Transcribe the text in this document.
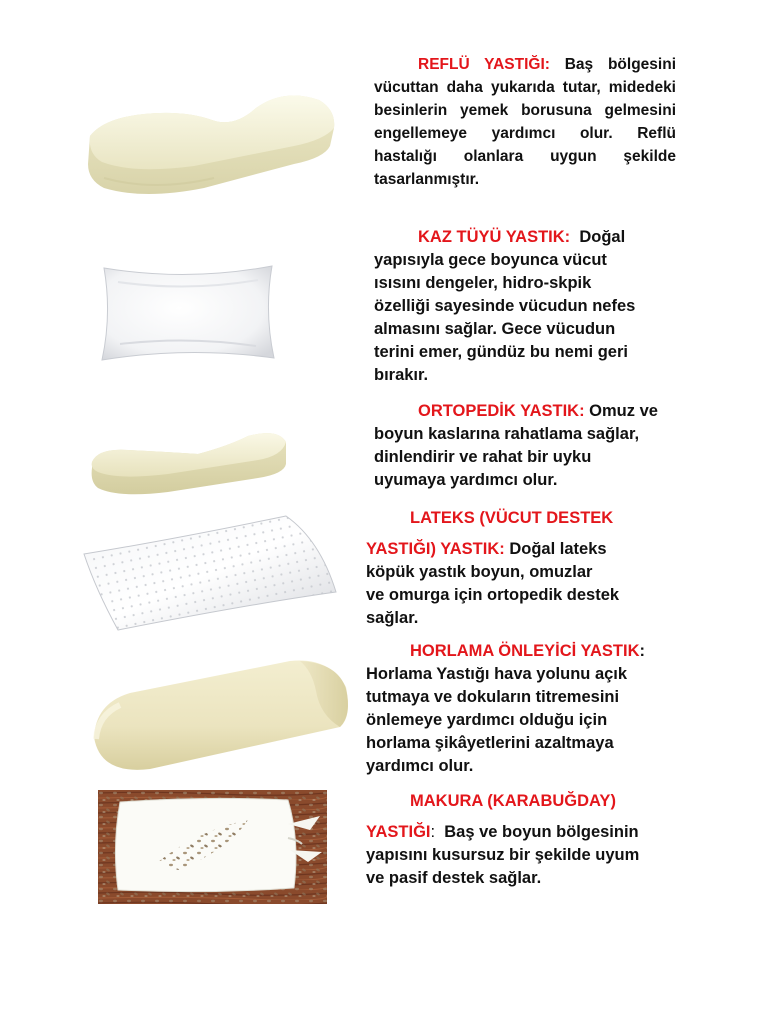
REFLÜ YASTIĞI: Baş bölgesini vücuttan daha yukarıda tutar, midedeki besinlerin yemek borusuna gelmesini engellemeye yardımcı olur. Reflü hastalığı olanlara uygun şekilde tasarlanmıştır.
KAZ TÜYÜ YASTIK: Doğal
yapısıyla gece boyunca vücut
ısısını dengeler, hidro-skpik
özelliği sayesinde vücudun nefes
almasını sağlar. Gece vücudun
terini emer, gündüz bu nemi geri
bırakır.
ORTOPEDİK YASTIK: Omuz ve
boyun kaslarına rahatlama sağlar,
dinlendirir ve rahat bir uyku
uyumaya yardımcı olur.
LATEKS (VÜCUT DESTEK
YASTIĞI) YASTIK: Doğal lateks
köpük yastık boyun, omuzlar
ve omurga için ortopedik destek
sağlar.
HORLAMA ÖNLEYİCİ YASTIK:
Horlama Yastığı hava yolunu açık
tutmaya ve dokuların titremesini
önlemeye yardımcı olduğu için
horlama şikâyetlerini azaltmaya
yardımcı olur.
MAKURA (KARABUĞDAY)
YASTIĞI: Baş ve boyun bölgesinin
yapısını kusursuz bir şekilde uyum
ve pasif destek sağlar.
